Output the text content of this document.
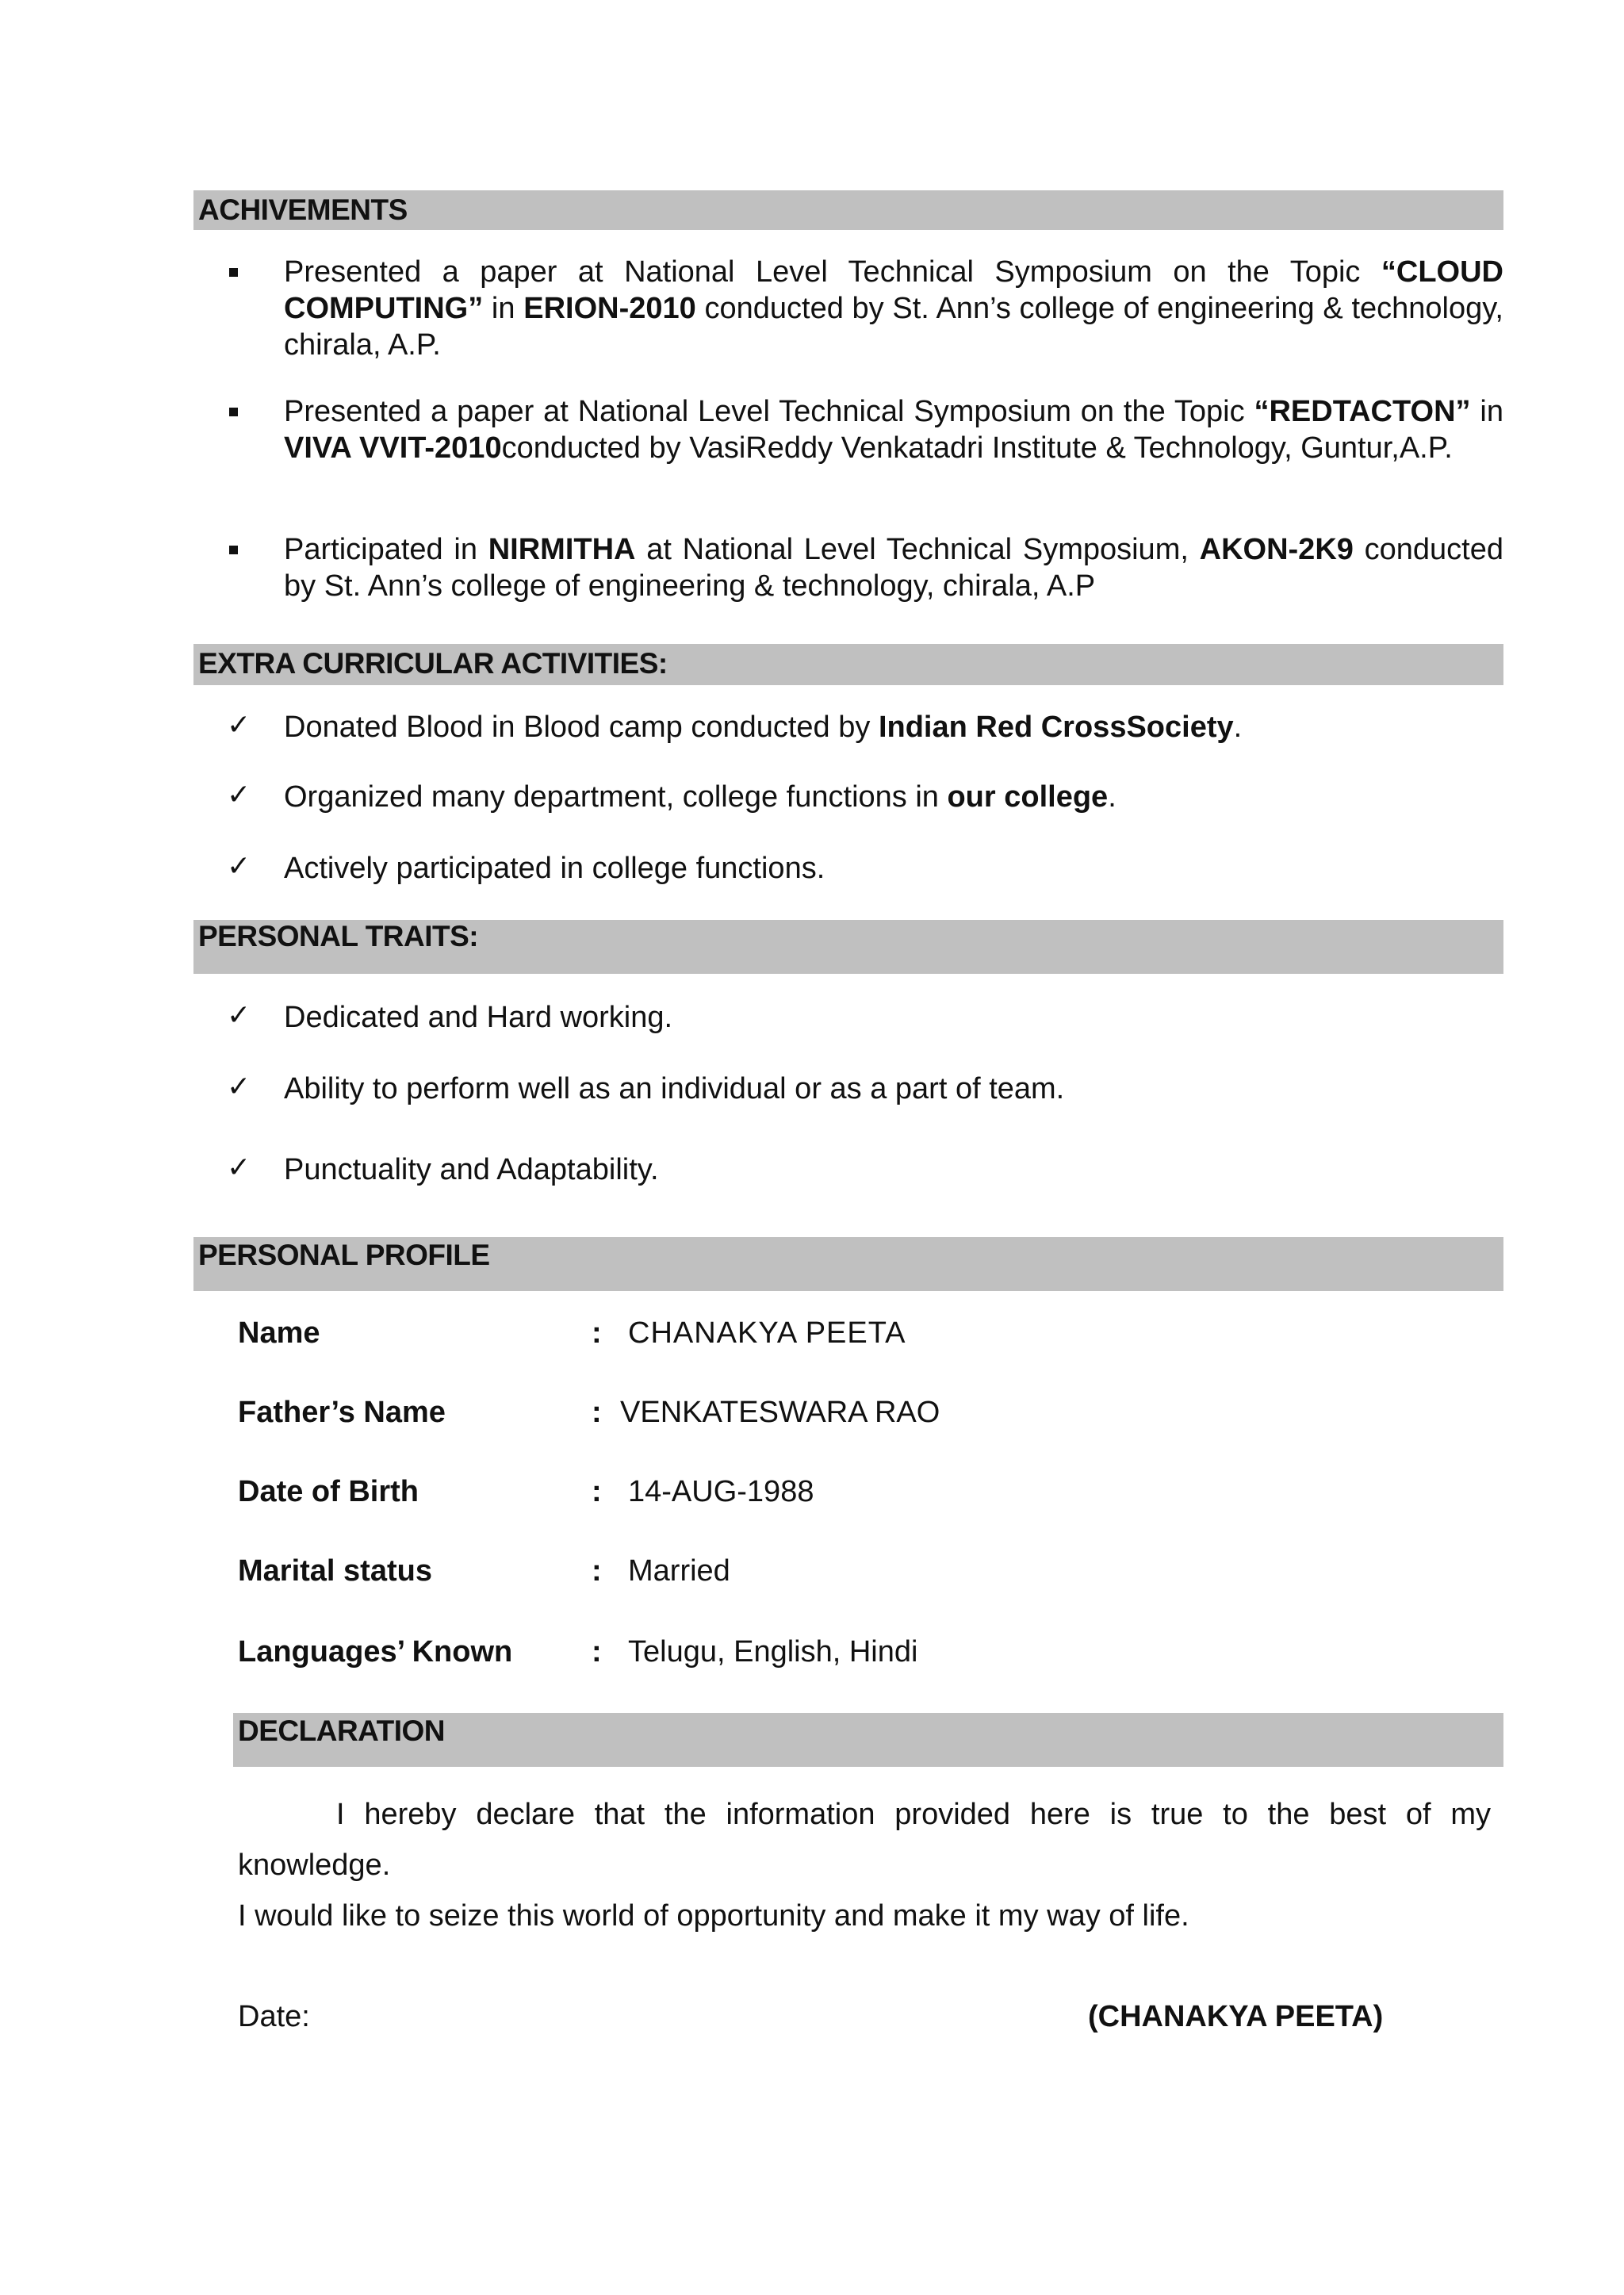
ACHIVEMENTS
Presented a paper at National Level Technical Symposium on the Topic “CLOUD COMPUTING” in ERION-2010 conducted by St. Ann’s college of engineering & technology, chirala, A.P.
Presented a paper at National Level Technical Symposium on the Topic “REDTACTON” in VIVA VVIT-2010conducted by VasiReddy Venkatadri Institute & Technology, Guntur,A.P.
Participated in NIRMITHA at National Level Technical Symposium, AKON-2K9 conducted by St. Ann’s college of engineering & technology, chirala, A.P
EXTRA CURRICULAR ACTIVITIES:
✓ Donated Blood in Blood camp conducted by Indian Red CrossSociety.
✓ Organized many department, college functions in our college.
✓ Actively participated in college functions.
PERSONAL TRAITS:
✓ Dedicated and Hard working.
✓ Ability to perform well as an individual or as a part of team.
✓ Punctuality and Adaptability.
PERSONAL PROFILE
Name	: CHANAKYA PEETA
Father’s Name	: VENKATESWARA RAO
Date of Birth	: 14-AUG-1988
Marital status	: Married
Languages’ Known	: Telugu, English, Hindi
DECLARATION
I hereby declare that the information provided here is true to the best of my knowledge.
I would like to seize this world of opportunity and make it my way of life.
Date:	(CHANAKYA PEETA)
